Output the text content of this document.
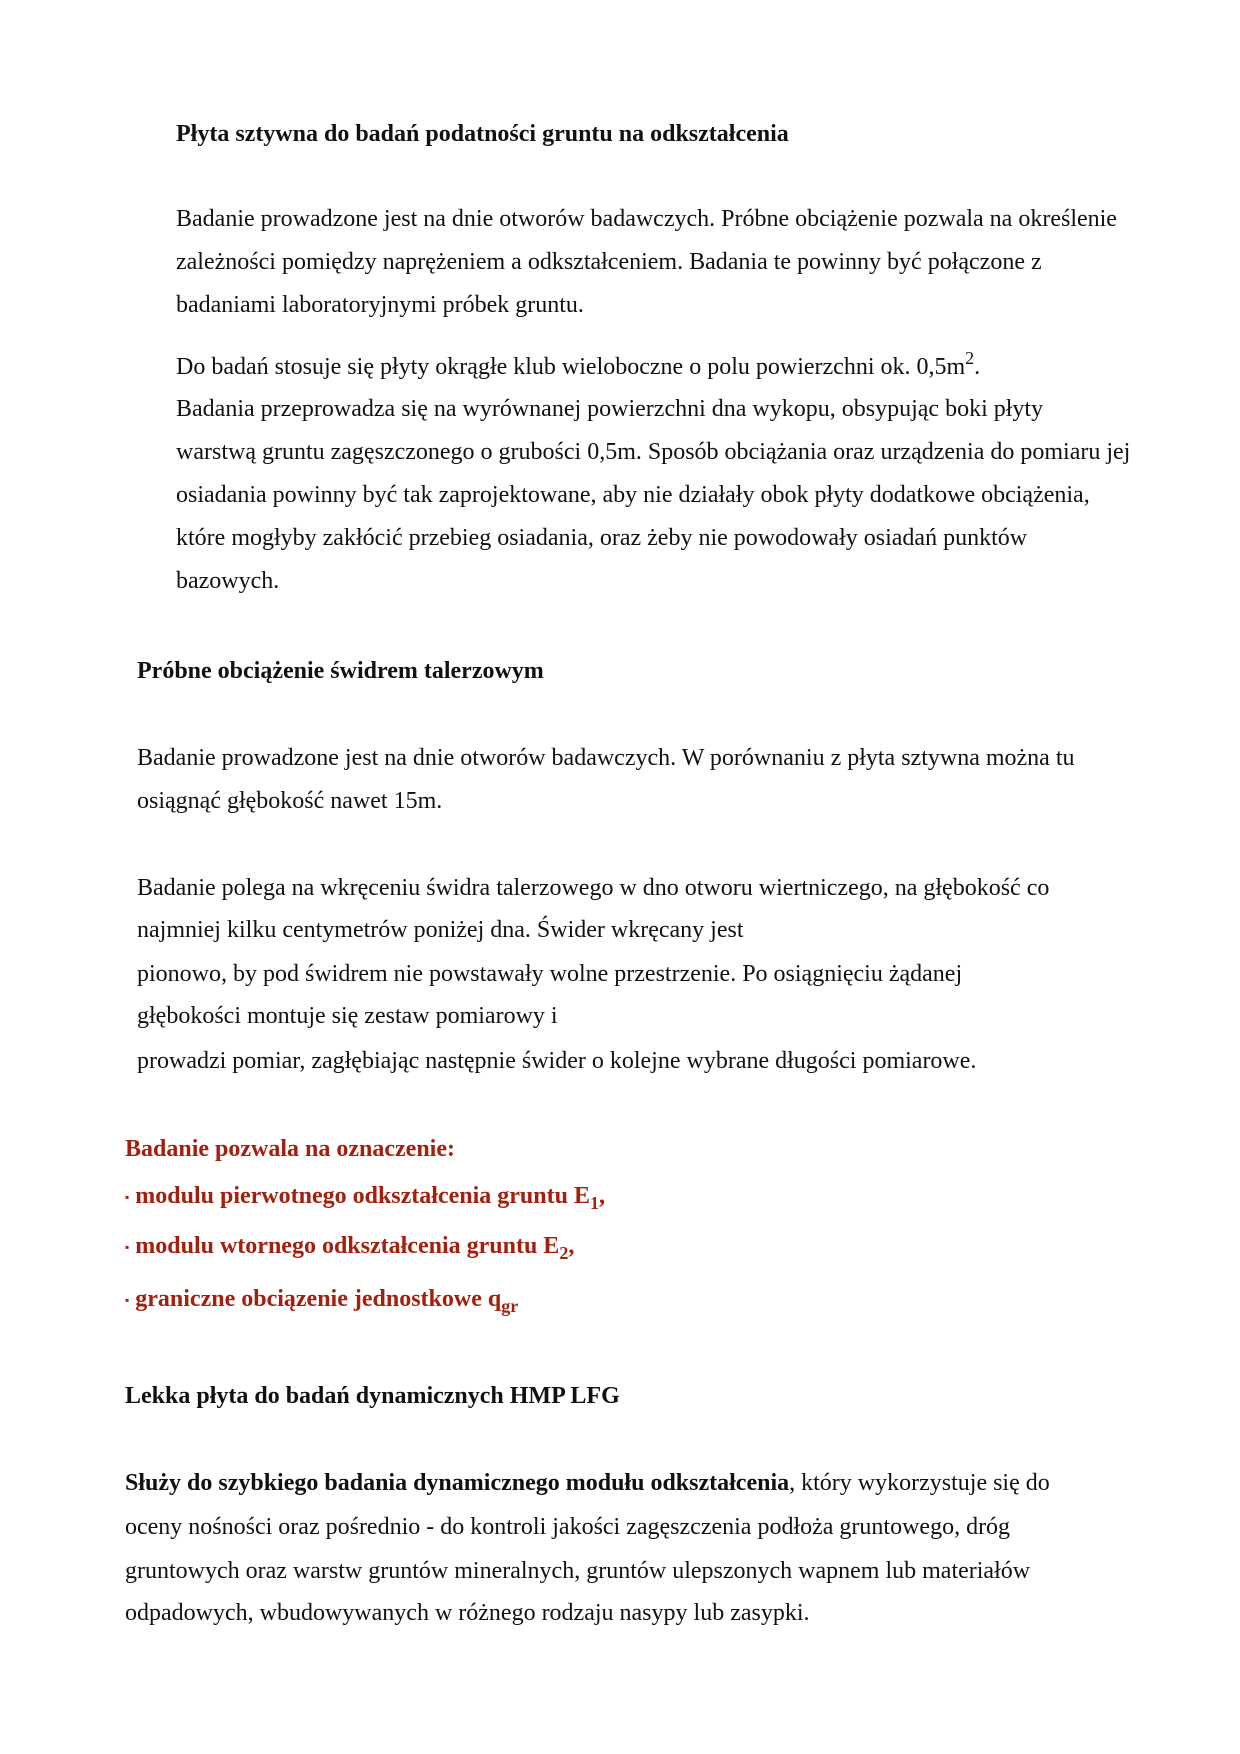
Płyta sztywna do badań podatności gruntu na odkształcenia
Badanie prowadzone jest na dnie otworów badawczych. Próbne obciążenie pozwala na określenie
zależności pomiędzy naprężeniem a odkształceniem. Badania te powinny być połączone z
badaniami laboratoryjnymi próbek gruntu.
Do badań stosuje się płyty okrągłe klub wieloboczne o polu powierzchni ok. $0,5m^2$.
Badania przeprowadza się na wyrównanej powierzchni dna wykopu, obsypując boki płyty
warstwą gruntu zagęszczonego o grubości 0,5m. Sposób obciążania oraz urządzenia do pomiaru jej
osiadania powinny być tak zaprojektowane, aby nie działały obok płyty dodatkowe obciążenia,
które mogłyby zakłócić przebieg osiadania, oraz żeby nie powodowały osiadań punktów
bazowych.
Próbne obciążenie świdrem talerzowym
Badanie prowadzone jest na dnie otworów badawczych. W porównaniu z płyta sztywna można tu
osiągnąć głębokość nawet 15m.
Badanie polega na wkręceniu świdra talerzowego w dno otworu wiertniczego, na głębokość co
najmniej kilku centymetrów poniżej dna. Świder wkręcany jest
pionowo, by pod świdrem nie powstawały wolne przestrzenie. Po osiągnięciu żądanej
głębokości montuje się zestaw pomiarowy i
prowadzi pomiar, zagłębiając następnie świder o kolejne wybrane długości pomiarowe.
Badanie pozwala na oznaczenie:
▪ modulu pierwotnego odkształcenia gruntu $E_1$,
▪ modulu wtornego odkształcenia gruntu $E_2$,
▪ graniczne obciązenie jednostkowe $q_{gr}$
Lekka płyta do badań dynamicznych HMP LFG
Służy do szybkiego badania dynamicznego modułu odkształcenia, który wykorzystuje się do
oceny nośności oraz pośrednio - do kontroli jakości zagęszczenia podłoża gruntowego, dróg
gruntowych oraz warstw gruntów mineralnych, gruntów ulepszonych wapnem lub materiałów
odpadowych, wbudowywanych w różnego rodzaju nasypy lub zasypki.
